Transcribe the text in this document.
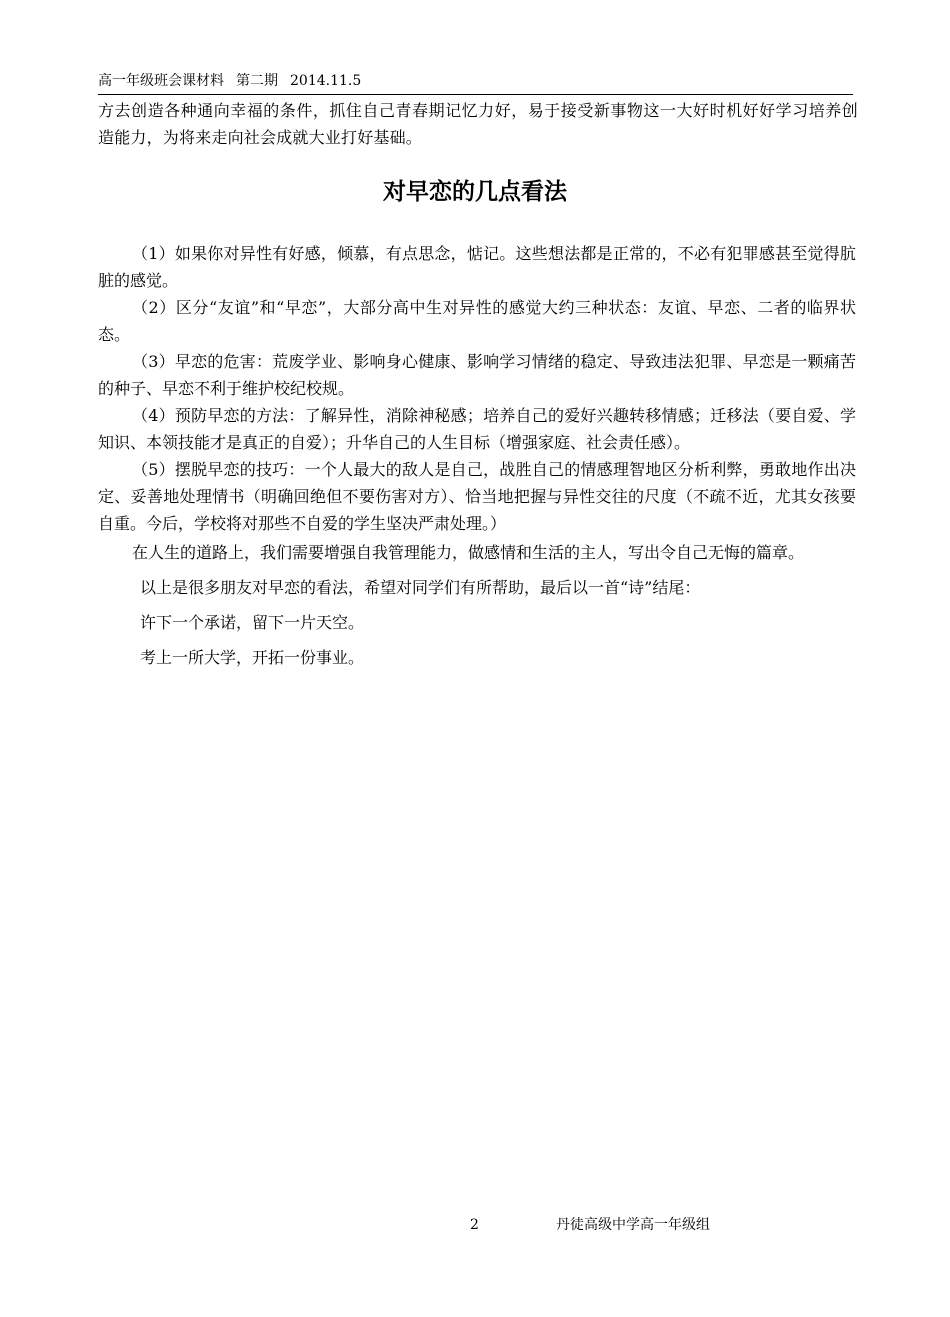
高一年级班会课材料 第二期 2014.11.5

方去创造各种通向幸福的条件，抓住自己青春期记忆力好，易于接受新事物这一大好时机好好学习培养创造能力，为将来走向社会成就大业打好基础。

对早恋的几点看法

（1）如果你对异性有好感，倾慕，有点思念，惦记。这些想法都是正常的，不必有犯罪感甚至觉得肮脏的感觉。

（2）区分“友谊”和“早恋”，大部分高中生对异性的感觉大约三种状态：友谊、早恋、二者的临界状态。

（3）早恋的危害：荒废学业、影响身心健康、影响学习情绪的稳定、导致违法犯罪、早恋是一颗痛苦的种子、早恋不利于维护校纪校规。

（4）预防早恋的方法：了解异性，消除神秘感；培养自己的爱好兴趣转移情感；迁移法（要自爱、学知识、本领技能才是真正的自爱）；升华自己的人生目标（增强家庭、社会责任感）。

（5）摆脱早恋的技巧：一个人最大的敌人是自己，战胜自己的情感理智地区分析利弊，勇敢地作出决定、妥善地处理情书（明确回绝但不要伤害对方）、恰当地把握与异性交往的尺度（不疏不近，尤其女孩要自重。今后，学校将对那些不自爱的学生坚决严肃处理。）

在人生的道路上，我们需要增强自我管理能力，做感情和生活的主人，写出令自己无悔的篇章。

以上是很多朋友对早恋的看法，希望对同学们有所帮助，最后以一首“诗”结尾：

许下一个承诺，留下一片天空。

考上一所大学，开拓一份事业。

2	丹徒高级中学高一年级组
